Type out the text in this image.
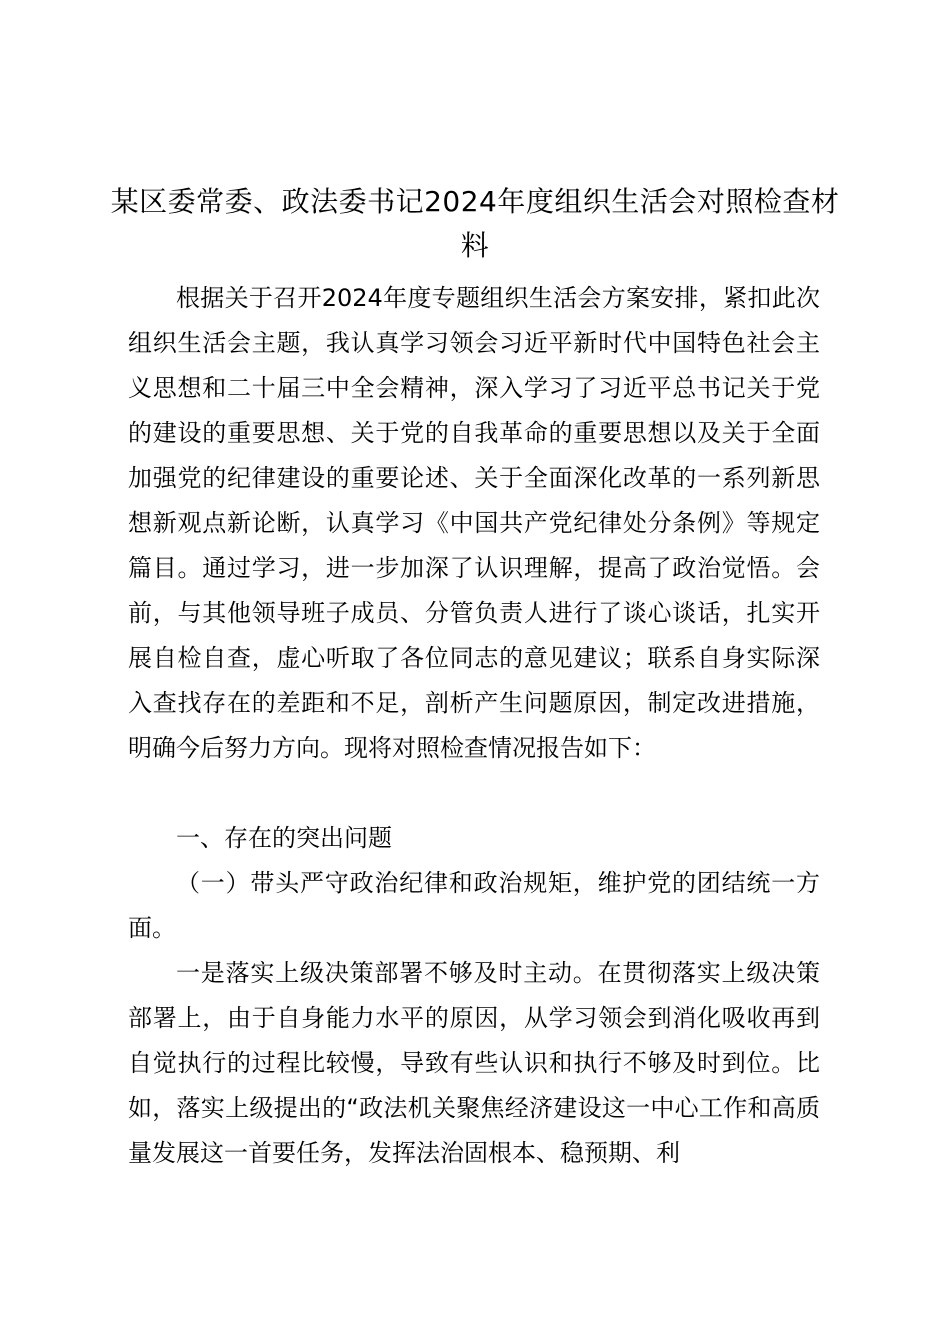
某区委常委、政法委书记2024年度组织生活会对照检查材料

根据关于召开2024年度专题组织生活会方案安排，紧扣此次组织生活会主题，我认真学习领会习近平新时代中国特色社会主义思想和二十届三中全会精神，深入学习了习近平总书记关于党的建设的重要思想、关于党的自我革命的重要思想以及关于全面加强党的纪律建设的重要论述、关于全面深化改革的一系列新思想新观点新论断，认真学习《中国共产党纪律处分条例》等规定篇目。通过学习，进一步加深了认识理解，提高了政治觉悟。会前，与其他领导班子成员、分管负责人进行了谈心谈话，扎实开展自检自查，虚心听取了各位同志的意见建议；联系自身实际深入查找存在的差距和不足，剖析产生问题原因，制定改进措施，明确今后努力方向。现将对照检查情况报告如下：

一、存在的突出问题

（一）带头严守政治纪律和政治规矩，维护党的团结统一方面。

一是落实上级决策部署不够及时主动。在贯彻落实上级决策部署上，由于自身能力水平的原因，从学习领会到消化吸收再到自觉执行的过程比较慢，导致有些认识和执行不够及时到位。比如，落实上级提出的“政法机关聚焦经济建设这一中心工作和高质量发展这一首要任务，发挥法治固根本、稳预期、利
